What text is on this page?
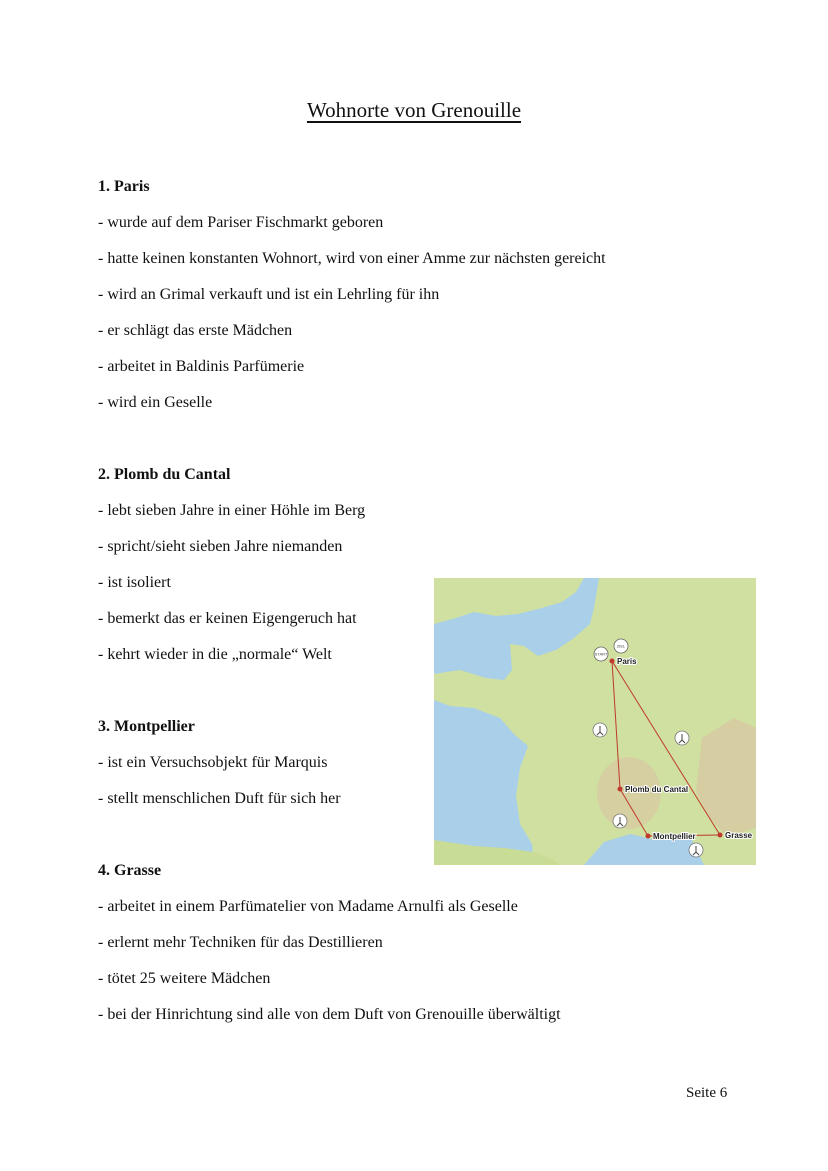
Wohnorte von Grenouille
1. Paris
- wurde auf dem Pariser Fischmarkt geboren
- hatte keinen konstanten Wohnort, wird von einer Amme zur nächsten gereicht
- wird an Grimal verkauft und ist ein Lehrling für ihn
- er schlägt das erste Mädchen
- arbeitet in Baldinis Parfümerie
- wird ein Geselle
2. Plomb du Cantal
- lebt sieben Jahre in einer Höhle im Berg
- spricht/sieht sieben Jahre niemanden
- ist isoliert
- bemerkt das er keinen Eigengeruch hat
- kehrt wieder in die „normale“ Welt
3. Montpellier
- ist ein Versuchsobjekt für Marquis
- stellt menschlichen Duft für sich her
4. Grasse
- arbeitet in einem Parfümatelier von Madame Arnulfi als Geselle
- erlernt mehr Techniken für das Destillieren
- tötet 25 weitere Mädchen
- bei der Hinrichtung sind alle von dem Duft von Grenouille überwältigt
START
ZIEL
Paris
Plomb du Cantal
Montpellier	Grasse
Seite 6
